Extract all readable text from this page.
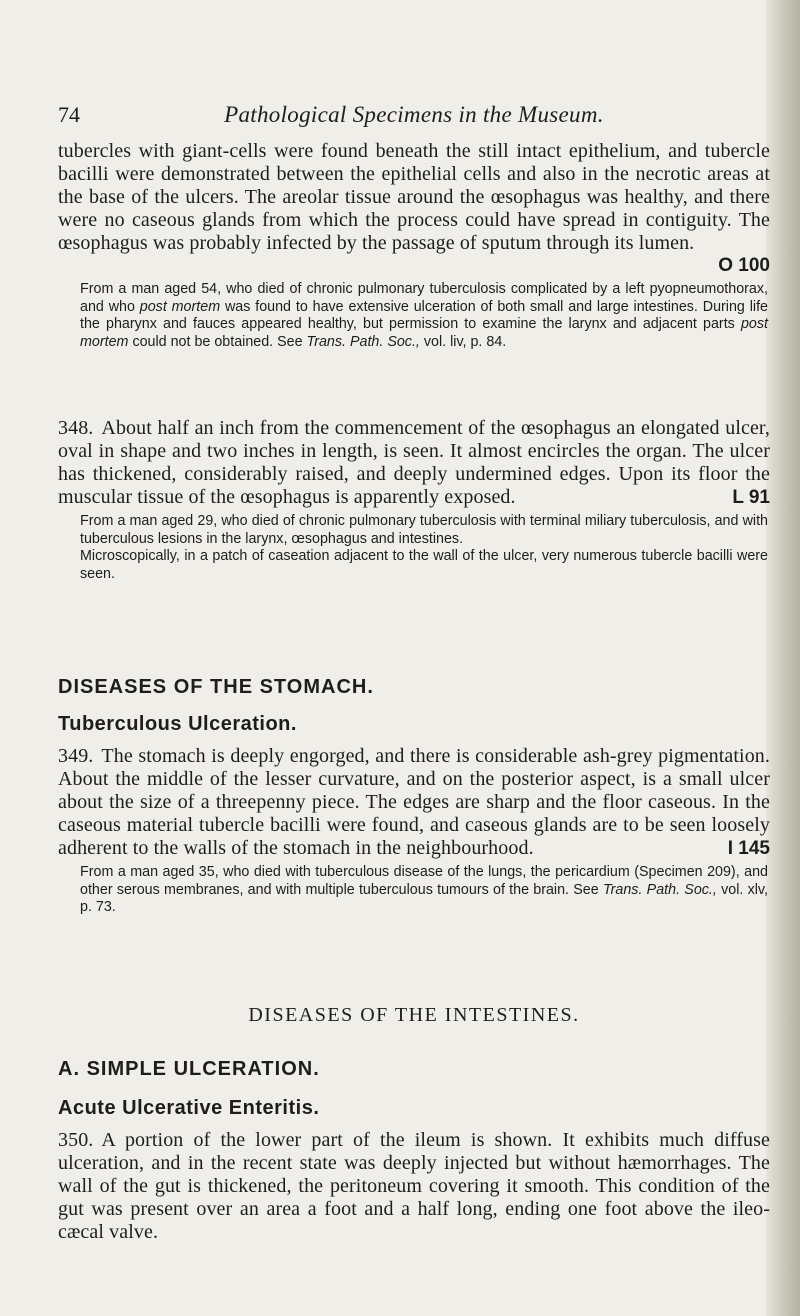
74	Pathological Specimens in the Museum.

tubercles with giant-cells were found beneath the still intact epithelium, and tubercle bacilli were demonstrated between the epithelial cells and also in the necrotic areas at the base of the ulcers. The areolar tissue around the œsophagus was healthy, and there were no caseous glands from which the process could have spread in contiguity. The œsophagus was probably infected by the passage of sputum through its lumen.

O 100

From a man aged 54, who died of chronic pulmonary tuberculosis complicated by a left pyopneumothorax, and who post mortem was found to have extensive ulceration of both small and large intestines. During life the pharynx and fauces appeared healthy, but permission to examine the larynx and adjacent parts post mortem could not be obtained. See Trans. Path. Soc., vol. liv, p. 84.

348. About half an inch from the commencement of the œsophagus an elongated ulcer, oval in shape and two inches in length, is seen. It almost encircles the organ. The ulcer has thickened, considerably raised, and deeply undermined edges. Upon its floor the muscular tissue of the œsophagus is apparently exposed.	L 91

From a man aged 29, who died of chronic pulmonary tuberculosis with terminal miliary tuberculosis, and with tuberculous lesions in the larynx, œsophagus and intestines.

Microscopically, in a patch of caseation adjacent to the wall of the ulcer, very numerous tubercle bacilli were seen.

DISEASES OF THE STOMACH.
Tuberculous Ulceration.

349. The stomach is deeply engorged, and there is considerable ash-grey pigmentation. About the middle of the lesser curvature, and on the posterior aspect, is a small ulcer about the size of a threepenny piece. The edges are sharp and the floor caseous. In the caseous material tubercle bacilli were found, and caseous glands are to be seen loosely adherent to the walls of the stomach in the neighbourhood.	I 145

From a man aged 35, who died with tuberculous disease of the lungs, the pericardium (Specimen 209), and other serous membranes, and with multiple tuberculous tumours of the brain. See Trans. Path. Soc., vol. xlv, p. 73.

DISEASES OF THE INTESTINES.
A. SIMPLE ULCERATION.
Acute Ulcerative Enteritis.

350. A portion of the lower part of the ileum is shown. It exhibits much diffuse ulceration, and in the recent state was deeply injected but without hæmorrhages. The wall of the gut is thickened, the peritoneum covering it smooth. This condition of the gut was present over an area a foot and a half long, ending one foot above the ileo-cæcal valve.
